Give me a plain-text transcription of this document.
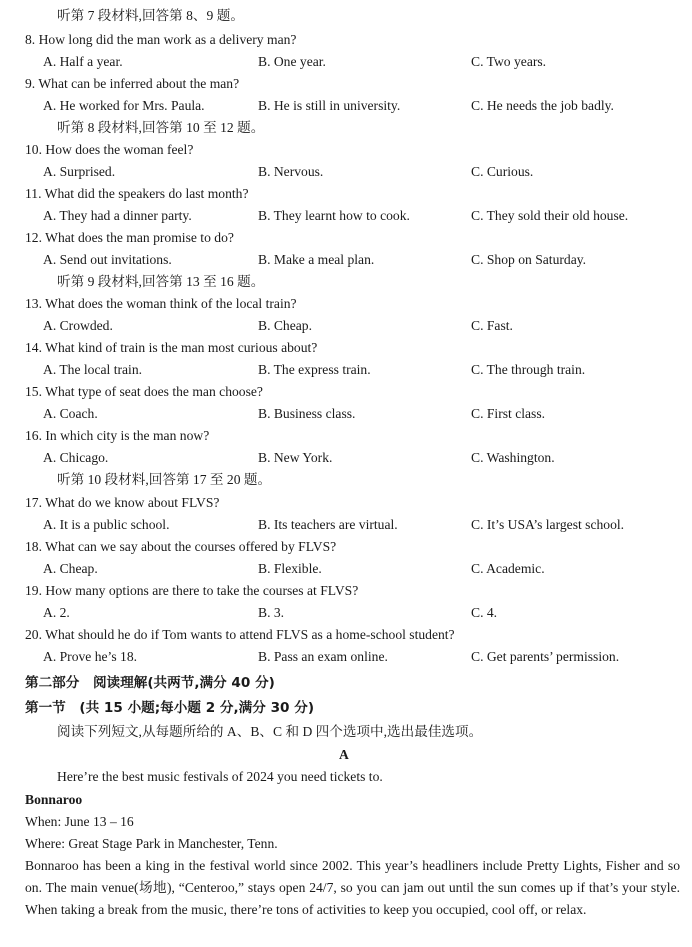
听第 7 段材料,回答第 8、9 题。
8. How long did the man work as a delivery man?
A. Half a year.	B. One year.	C. Two years.
9. What can be inferred about the man?
A. He worked for Mrs. Paula.	B. He is still in university.	C. He needs the job badly.
听第 8 段材料,回答第 10 至 12 题。
10. How does the woman feel?
A. Surprised.	B. Nervous.	C. Curious.
11. What did the speakers do last month?
A. They had a dinner party.	B. They learnt how to cook.	C. They sold their old house.
12. What does the man promise to do?
A. Send out invitations.	B. Make a meal plan.	C. Shop on Saturday.
听第 9 段材料,回答第 13 至 16 题。
13. What does the woman think of the local train?
A. Crowded.	B. Cheap.	C. Fast.
14. What kind of train is the man most curious about?
A. The local train.	B. The express train.	C. The through train.
15. What type of seat does the man choose?
A. Coach.	B. Business class.	C. First class.
16. In which city is the man now?
A. Chicago.	B. New York.	C. Washington.
听第 10 段材料,回答第 17 至 20 题。
17. What do we know about FLVS?
A. It is a public school.	B. Its teachers are virtual.	C. It’s USA’s largest school.
18. What can we say about the courses offered by FLVS?
A. Cheap.	B. Flexible.	C. Academic.
19. How many options are there to take the courses at FLVS?
A. 2.	B. 3.	C. 4.
20. What should he do if Tom wants to attend FLVS as a home-school student?
A. Prove he’s 18.	B. Pass an exam online.	C. Get parents’ permission.
第二部分　阅读理解(共两节,满分 40 分)
第一节　(共 15 小题;每小题 2 分,满分 30 分)
阅读下列短文,从每题所给的 A、B、C 和 D 四个选项中,选出最佳选项。
A
Here’re the best music festivals of 2024 you need tickets to.
Bonnaroo
When: June 13 – 16
Where: Great Stage Park in Manchester, Tenn.
Bonnaroo has been a king in the festival world since 2002. This year’s headliners include Pretty Lights, Fisher and so on. The main venue(场地), “Centeroo,” stays open 24/7, so you can jam out until the sun comes up if that’s your style. When taking a break from the music, there’re tons of activities to keep you occupied, cool off, or relax.
